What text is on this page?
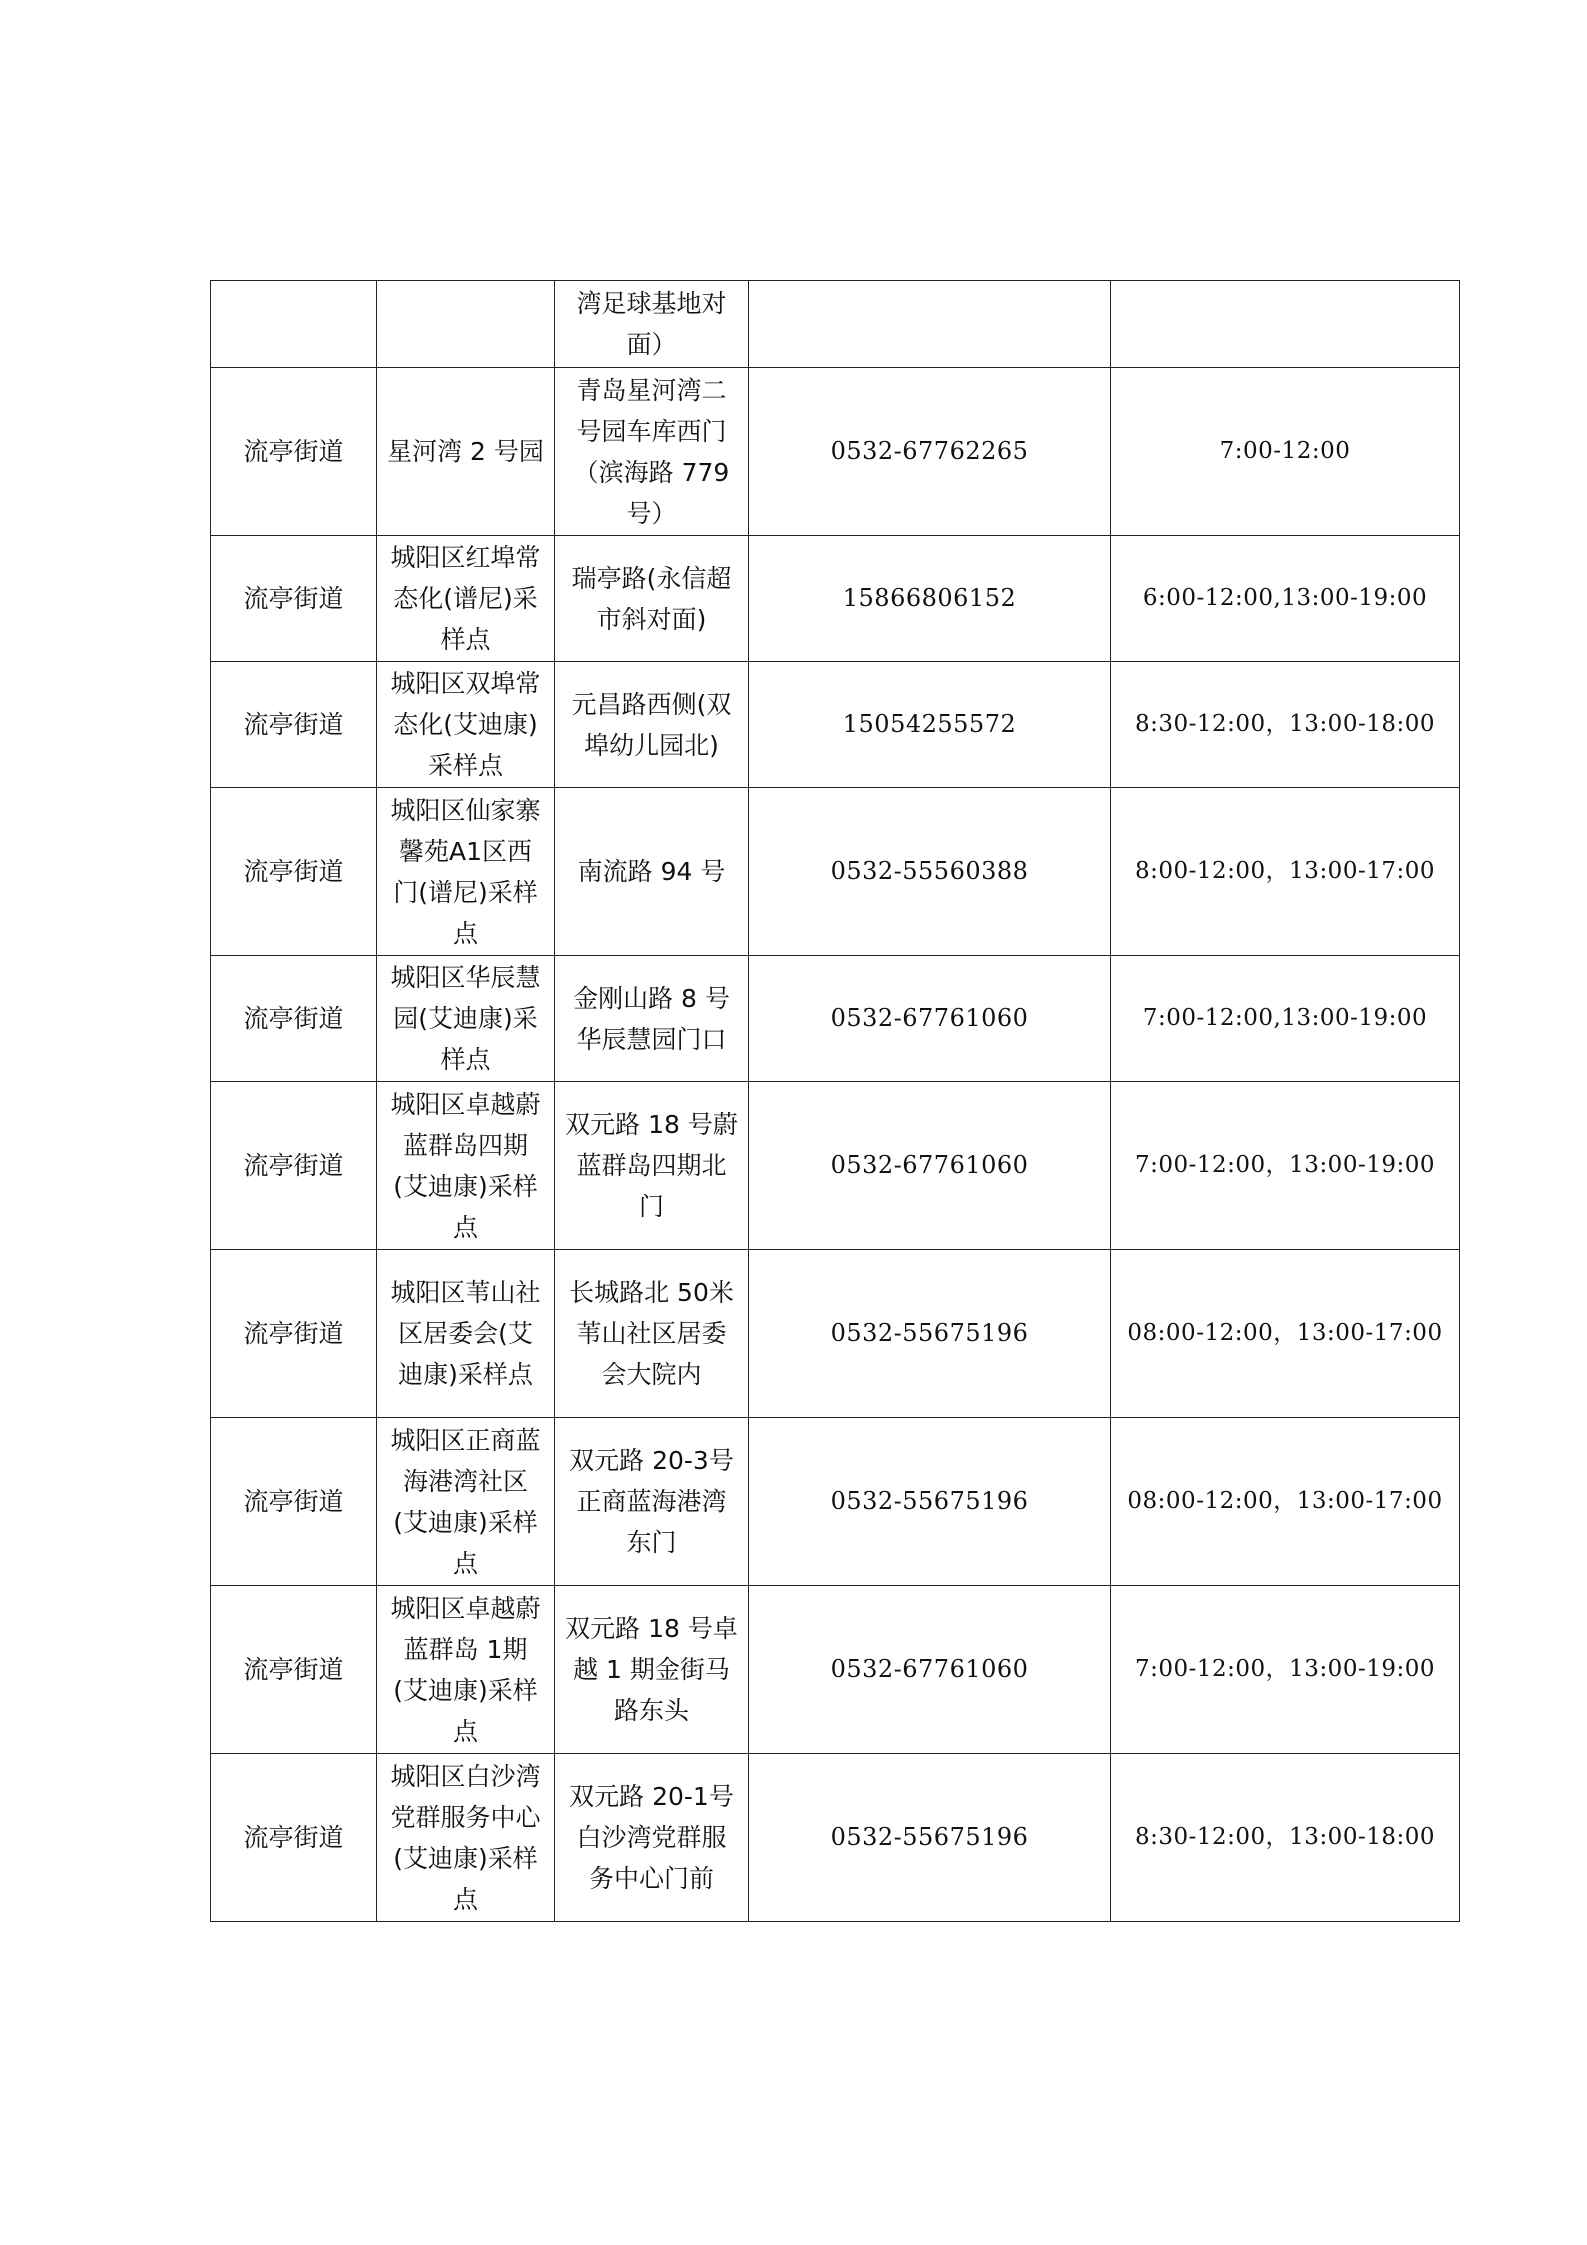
		湾足球基地对面）		
流亭街道	星河湾 2 号园	青岛星河湾二号园车库西门（滨海路 779 号）	0532-67762265	7:00-12:00
流亭街道	城阳区红埠常态化(谱尼)采样点	瑞亭路(永信超市斜对面)	15866806152	6:00-12:00,13:00-19:00
流亭街道	城阳区双埠常态化(艾迪康)采样点	元昌路西侧(双埠幼儿园北)	15054255572	8:30-12:00，13:00-18:00
流亭街道	城阳区仙家寨馨苑A1区西门(谱尼)采样点	南流路 94 号	0532-55560388	8:00-12:00，13:00-17:00
流亭街道	城阳区华辰慧园(艾迪康)采样点	金刚山路 8 号华辰慧园门口	0532-67761060	7:00-12:00,13:00-19:00
流亭街道	城阳区卓越蔚蓝群岛四期(艾迪康)采样点	双元路 18 号蔚蓝群岛四期北门	0532-67761060	7:00-12:00，13:00-19:00
流亭街道	城阳区苇山社区居委会(艾迪康)采样点	长城路北 50米苇山社区居委会大院内	0532-55675196	08:00-12:00，13:00-17:00
流亭街道	城阳区正商蓝海港湾社区(艾迪康)采样点	双元路 20-3号正商蓝海港湾东门	0532-55675196	08:00-12:00，13:00-17:00
流亭街道	城阳区卓越蔚蓝群岛 1期(艾迪康)采样点	双元路 18 号卓越 1 期金街马路东头	0532-67761060	7:00-12:00，13:00-19:00
流亭街道	城阳区白沙湾党群服务中心(艾迪康)采样点	双元路 20-1号白沙湾党群服务中心门前	0532-55675196	8:30-12:00，13:00-18:00
